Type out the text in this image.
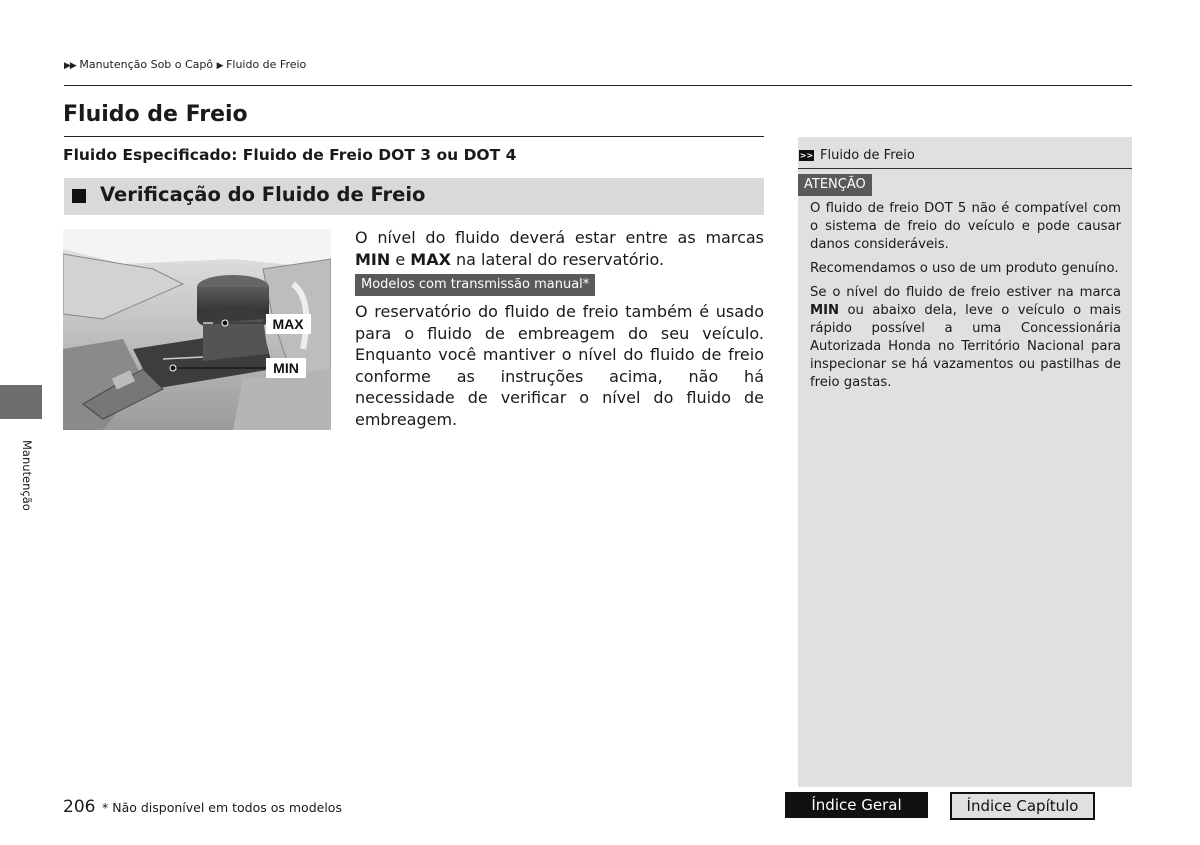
▶▶ Manutenção Sob o Capô ▶ Fluido de Freio
Fluido de Freio
Fluido Especificado: Fluido de Freio DOT 3 ou DOT 4
Verificação do Fluido de Freio
MAX
MIN
O nível do fluido deverá estar entre as marcas MIN e MAX na lateral do reservatório.
Modelos com transmissão manual*
O reservatório do fluido de freio também é usado para o fluido de embreagem do seu veículo. Enquanto você mantiver o nível do fluido de freio conforme as instruções acima, não há necessidade de verificar o nível do fluido de embreagem.
>> Fluido de Freio
ATENÇÃO
O fluido de freio DOT 5 não é compatível com o sistema de freio do veículo e pode causar danos consideráveis.
Recomendamos o uso de um produto genuíno.
Se o nível do fluido de freio estiver na marca MIN ou abaixo dela, leve o veículo o mais rápido possível a uma Concessionária Autorizada Honda no Território Nacional para inspecionar se há vazamentos ou pastilhas de freio gastas.
Manutenção
206 * Não disponível em todos os modelos	Índice Geral	Índice Capítulo
